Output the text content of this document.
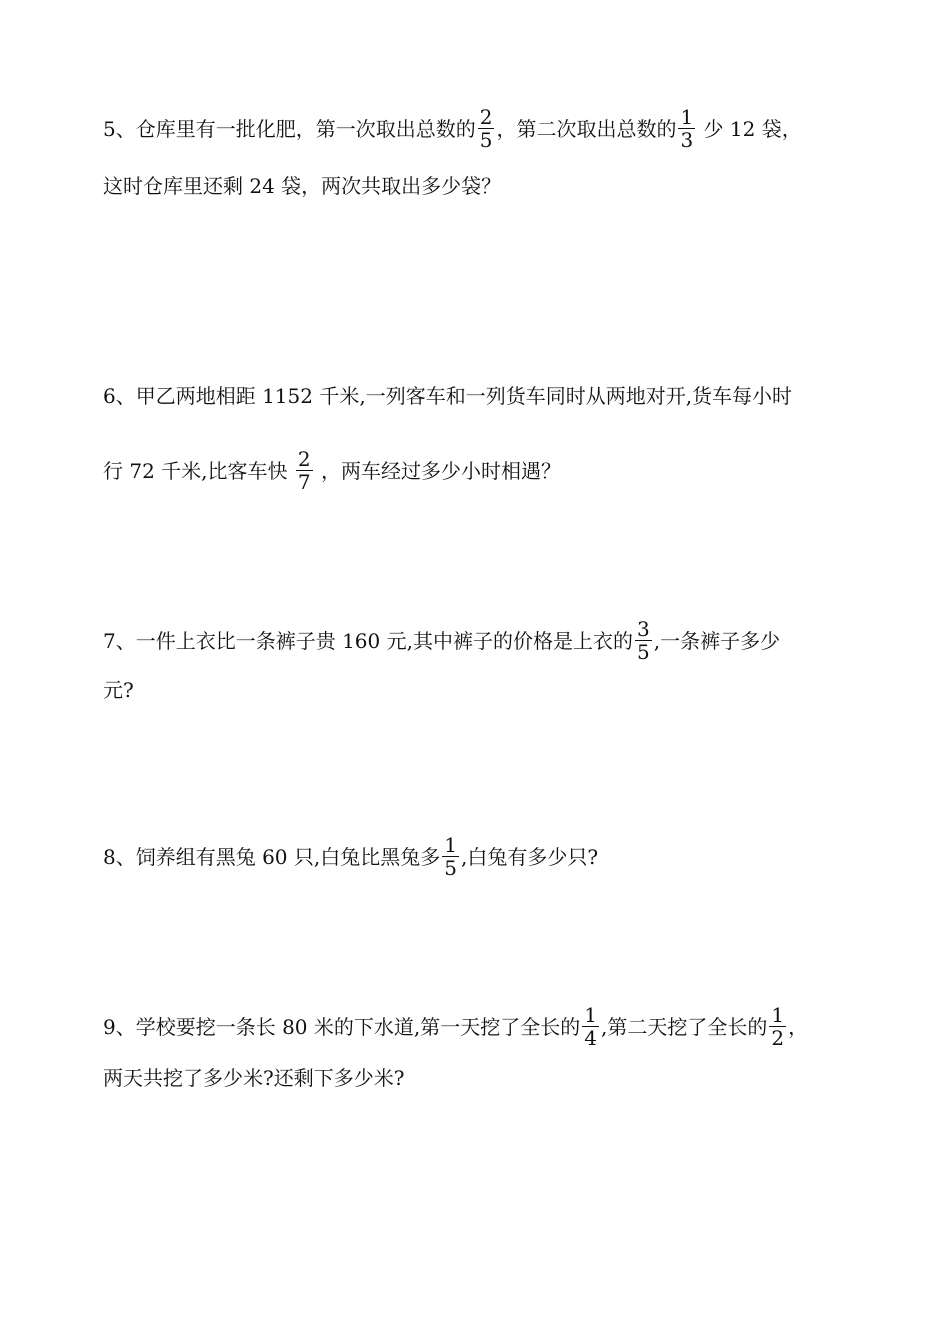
5、仓库里有一批化肥，第一次取出总数的 $\frac{2}{5}$ ，第二次取出总数的 $\frac{1}{3}$ 少 12 袋，
这时仓库里还剩 24 袋，两次共取出多少袋？
6、甲乙两地相距 1152 千米,一列客车和一列货车同时从两地对开,货车每小时
行 72 千米,比客车快 $\frac{2}{7}$ ，两车经过多少小时相遇？
7、一件上衣比一条裤子贵 160 元,其中裤子的价格是上衣的 $\frac{3}{5}$ ,一条裤子多少
元?
8、饲养组有黑兔 60 只,白兔比黑兔多 $\frac{1}{5}$ ,白兔有多少只?
9、学校要挖一条长 80 米的下水道,第一天挖了全长的 $\frac{1}{4}$ ,第二天挖了全长的 $\frac{1}{2}$ ，
两天共挖了多少米?还剩下多少米?
